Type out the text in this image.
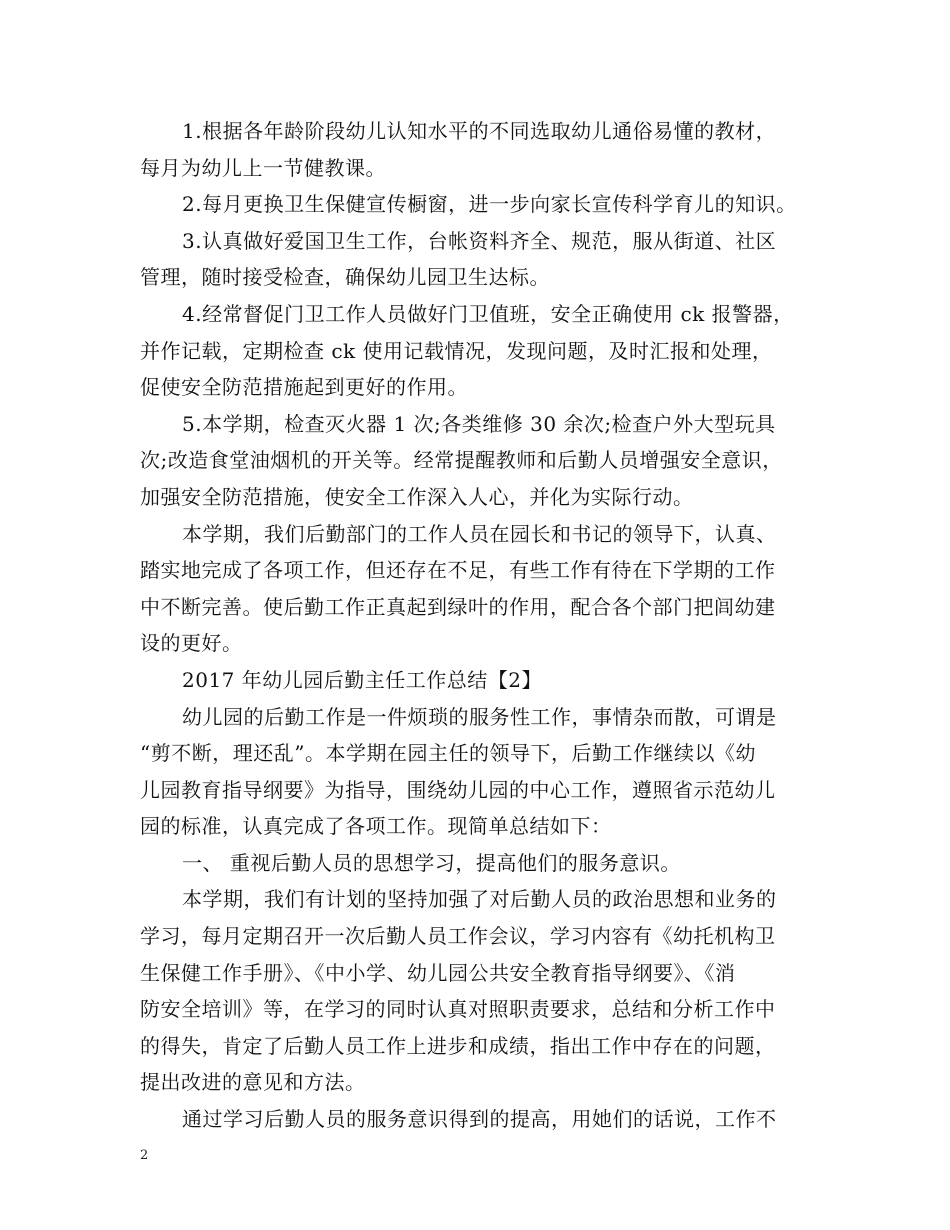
1.根据各年龄阶段幼儿认知水平的不同选取幼儿通俗易懂的教材，
每月为幼儿上一节健教课。
2.每月更换卫生保健宣传橱窗，进一步向家长宣传科学育儿的知识。
3.认真做好爱国卫生工作，台帐资料齐全、规范，服从街道、社区
管理，随时接受检查，确保幼儿园卫生达标。
4.经常督促门卫工作人员做好门卫值班，安全正确使用 ck 报警器，
并作记载，定期检查 ck 使用记载情况，发现问题，及时汇报和处理，
促使安全防范措施起到更好的作用。
5.本学期，检查灭火器 1 次;各类维修 30 余次;检查户外大型玩具
次;改造食堂油烟机的开关等。经常提醒教师和后勤人员增强安全意识，
加强安全防范措施，使安全工作深入人心，并化为实际行动。
本学期，我们后勤部门的工作人员在园长和书记的领导下，认真、
踏实地完成了各项工作，但还存在不足，有些工作有待在下学期的工作
中不断完善。使后勤工作正真起到绿叶的作用，配合各个部门把闾幼建
设的更好。
2017 年幼儿园后勤主任工作总结【2】
幼儿园的后勤工作是一件烦琐的服务性工作，事情杂而散，可谓是
“剪不断，理还乱”。本学期在园主任的领导下，后勤工作继续以《幼
儿园教育指导纲要》为指导，围绕幼儿园的中心工作，遵照省示范幼儿
园的标准，认真完成了各项工作。现简单总结如下：
一、 重视后勤人员的思想学习，提高他们的服务意识。
本学期，我们有计划的坚持加强了对后勤人员的政治思想和业务的
学习，每月定期召开一次后勤人员工作会议，学习内容有《幼托机构卫
生保健工作手册》、《中小学、幼儿园公共安全教育指导纲要》、《消
防安全培训》等，在学习的同时认真对照职责要求，总结和分析工作中
的得失，肯定了后勤人员工作上进步和成绩，指出工作中存在的问题，
提出改进的意见和方法。
通过学习后勤人员的服务意识得到的提高，用她们的话说，工作不
2
